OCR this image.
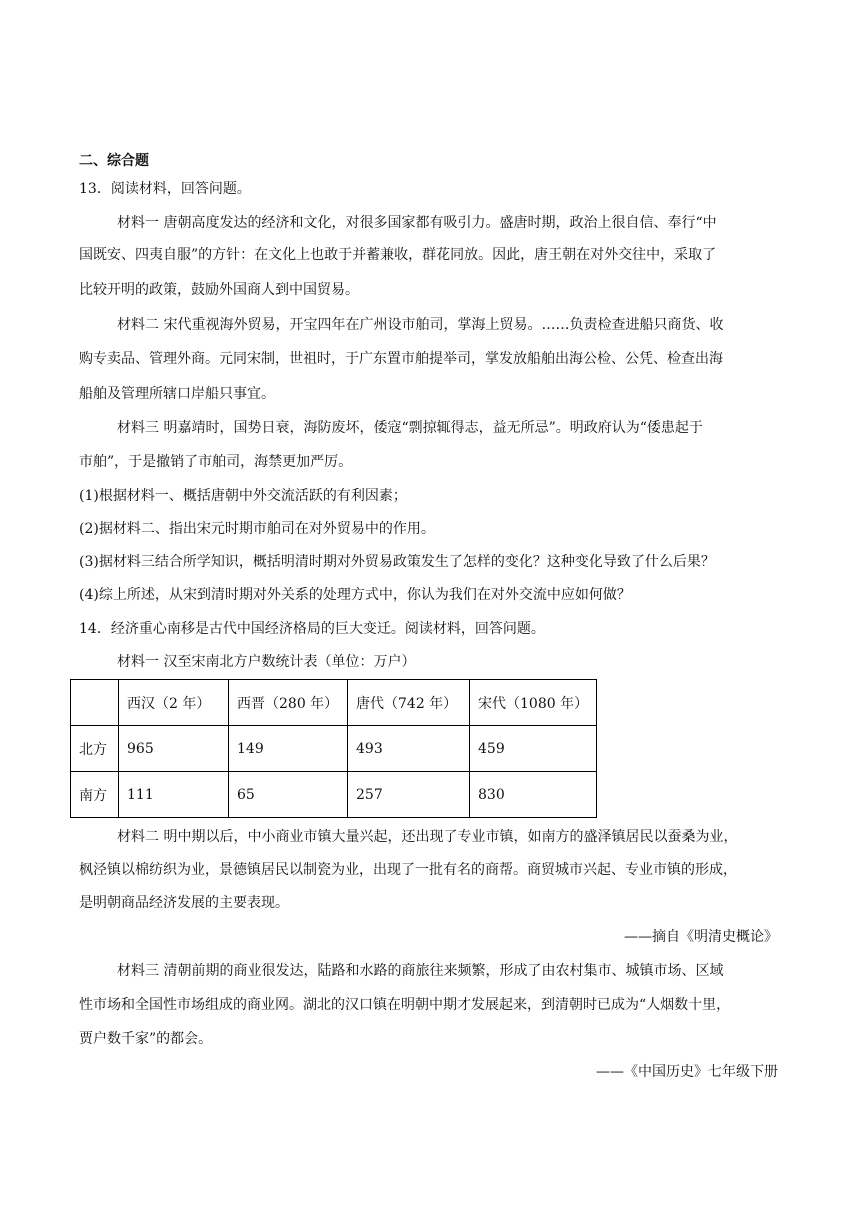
二、综合题
13．阅读材料，回答问题。
材料一 唐朝高度发达的经济和文化，对很多国家都有吸引力。盛唐时期，政治上很自信、奉行“中
国既安、四夷自服”的方针：在文化上也敢于并蓄兼收，群花同放。因此，唐王朝在对外交往中，采取了
比较开明的政策，鼓励外国商人到中国贸易。
材料二 宋代重视海外贸易，开宝四年在广州设市舶司，掌海上贸易。……负责检查进船只商货、收
购专卖品、管理外商。元同宋制，世祖时，于广东置市舶提举司，掌发放船舶出海公检、公凭、检查出海
船舶及管理所辖口岸船只事宜。
材料三 明嘉靖时，国势日衰，海防废坏，倭寇“剽掠辄得志，益无所忌”。明政府认为“倭患起于
市舶”，于是撤销了市舶司，海禁更加严厉。
(1)根据材料一、概括唐朝中外交流活跃的有利因素；
(2)据材料二、指出宋元时期市舶司在对外贸易中的作用。
(3)据材料三结合所学知识，概括明清时期对外贸易政策发生了怎样的变化？这种变化导致了什么后果？
(4)综上所述，从宋到清时期对外关系的处理方式中，你认为我们在对外交流中应如何做？
14．经济重心南移是古代中国经济格局的巨大变迁。阅读材料，回答问题。
材料一 汉至宋南北方户数统计表（单位：万户）
	西汉（2 年）	西晋（280 年）	唐代（742 年）	宋代（1080 年）
北方	965	149	493	459
南方	111	65	257	830
材料二 明中期以后，中小商业市镇大量兴起，还出现了专业市镇，如南方的盛泽镇居民以蚕桑为业，
枫泾镇以棉纺织为业，景德镇居民以制瓷为业，出现了一批有名的商帮。商贸城市兴起、专业市镇的形成，
是明朝商品经济发展的主要表现。
——摘自《明清史概论》
材料三 清朝前期的商业很发达，陆路和水路的商旅往来频繁，形成了由农村集市、城镇市场、区域
性市场和全国性市场组成的商业网。湖北的汉口镇在明朝中期才发展起来，到清朝时已成为“人烟数十里，
贾户数千家”的都会。
——《中国历史》七年级下册
